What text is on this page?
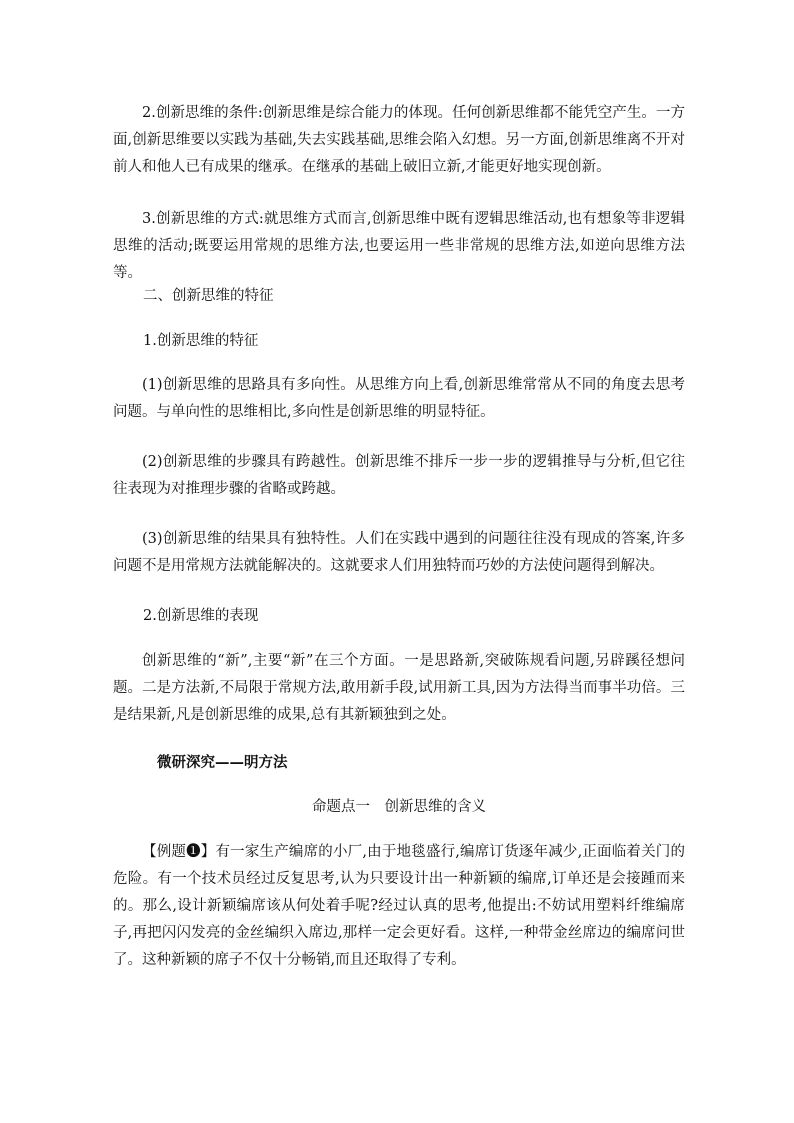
2.创新思维的条件:创新思维是综合能力的体现。任何创新思维都不能凭空产生。一方面,创新思维要以实践为基础,失去实践基础,思维会陷入幻想。另一方面,创新思维离不开对前人和他人已有成果的继承。在继承的基础上破旧立新,才能更好地实现创新。

3.创新思维的方式:就思维方式而言,创新思维中既有逻辑思维活动,也有想象等非逻辑思维的活动;既要运用常规的思维方法,也要运用一些非常规的思维方法,如逆向思维方法等。

二、创新思维的特征

1.创新思维的特征

(1)创新思维的思路具有多向性。从思维方向上看,创新思维常常从不同的角度去思考问题。与单向性的思维相比,多向性是创新思维的明显特征。

(2)创新思维的步骤具有跨越性。创新思维不排斥一步一步的逻辑推导与分析,但它往往表现为对推理步骤的省略或跨越。

(3)创新思维的结果具有独特性。人们在实践中遇到的问题往往没有现成的答案,许多问题不是用常规方法就能解决的。这就要求人们用独特而巧妙的方法使问题得到解决。

2.创新思维的表现

创新思维的“新”,主要“新”在三个方面。一是思路新,突破陈规看问题,另辟蹊径想问题。二是方法新,不局限于常规方法,敢用新手段,试用新工具,因为方法得当而事半功倍。三是结果新,凡是创新思维的成果,总有其新颖独到之处。

微研深究——明方法

命题点一　创新思维的含义

【例题❶】有一家生产编席的小厂,由于地毯盛行,编席订货逐年减少,正面临着关门的危险。有一个技术员经过反复思考,认为只要设计出一种新颖的编席,订单还是会接踵而来的。那么,设计新颖编席该从何处着手呢?经过认真的思考,他提出:不妨试用塑料纤维编席子,再把闪闪发亮的金丝编织入席边,那样一定会更好看。这样,一种带金丝席边的编席问世了。这种新颖的席子不仅十分畅销,而且还取得了专利。
